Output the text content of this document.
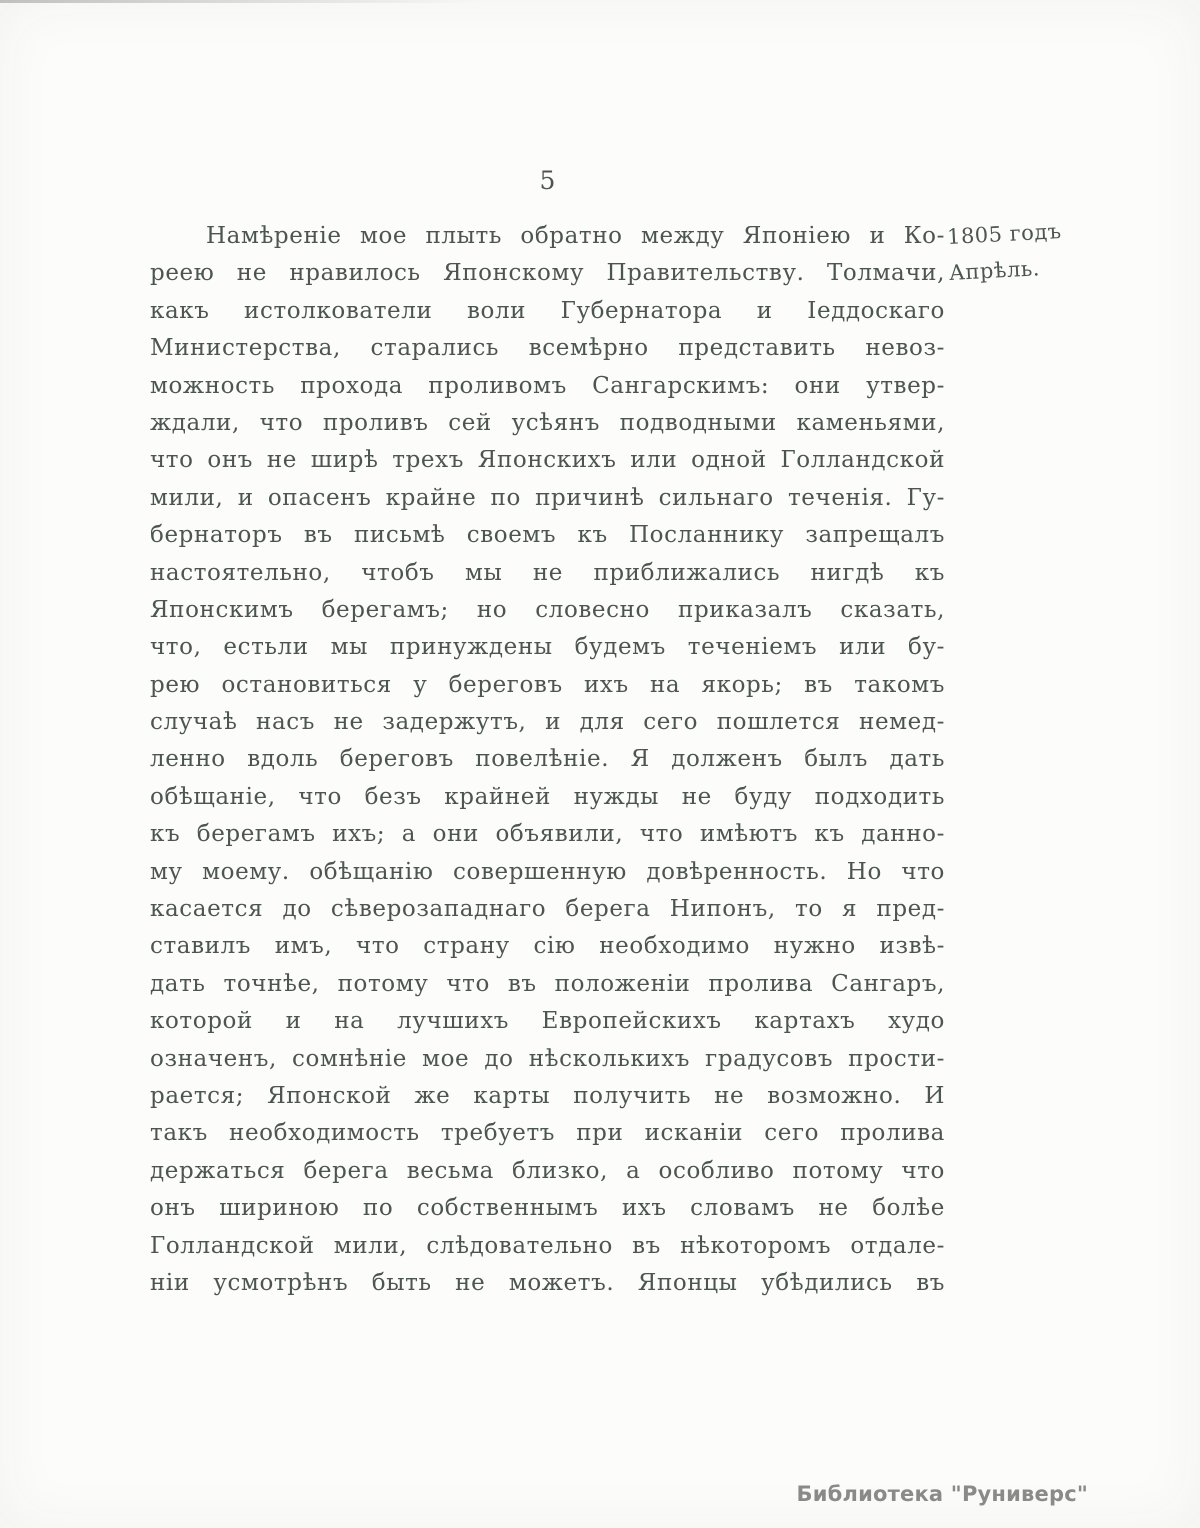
5
Намѣреніе мое плыть обратно между Японіею и Ко-
реею не нравилось Японскому Правительству. Толмачи,
какъ истолкователи воли Губернатора и Іеддоскаго
Министерства, старались всемѣрно представить невоз-
можность прохода проливомъ Сангарскимъ: они утвер-
ждали, что проливъ сей усѣянъ подводными каменьями,
что онъ не ширѣ трехъ Японскихъ или одной Голландской
мили, и опасенъ крайне по причинѣ сильнаго теченія. Гу-
бернаторъ въ письмѣ своемъ къ Посланнику запрещалъ
настоятельно, чтобъ мы не приближались нигдѣ къ
Японскимъ берегамъ; но словесно приказалъ сказать,
что, естьли мы принуждены будемъ теченіемъ или бу-
рею остановиться у береговъ ихъ на якорь; въ такомъ
случаѣ насъ не задержутъ, и для сего пошлется немед-
ленно вдоль береговъ повелѣніе. Я долженъ былъ дать
обѣщаніе, что безъ крайней нужды не буду подходить
къ берегамъ ихъ; а они объявили, что имѣютъ къ данно-
му моему. обѣщанію совершенную довѣренность. Но что
касается до сѣверозападнаго берега Нипонъ, то я пред-
ставилъ имъ, что страну сію необходимо нужно извѣ-
дать точнѣе, потому что въ положеніи пролива Сангаръ,
которой и на лучшихъ Европейскихъ картахъ худо
означенъ, сомнѣніе мое до нѣсколькихъ градусовъ прости-
рается; Японской же карты получить не возможно. И
такъ необходимость требуетъ при исканіи сего пролива
держаться берега весьма близко, а особливо потому что
онъ шириною по собственнымъ ихъ словамъ не болѣе
Голландской мили, слѣдовательно въ нѣкоторомъ отдале-
ніи усмотрѣнъ быть не можетъ. Японцы убѣдились въ
1805 годъ
Апрѣль.
Библиотека "Руниверс"
